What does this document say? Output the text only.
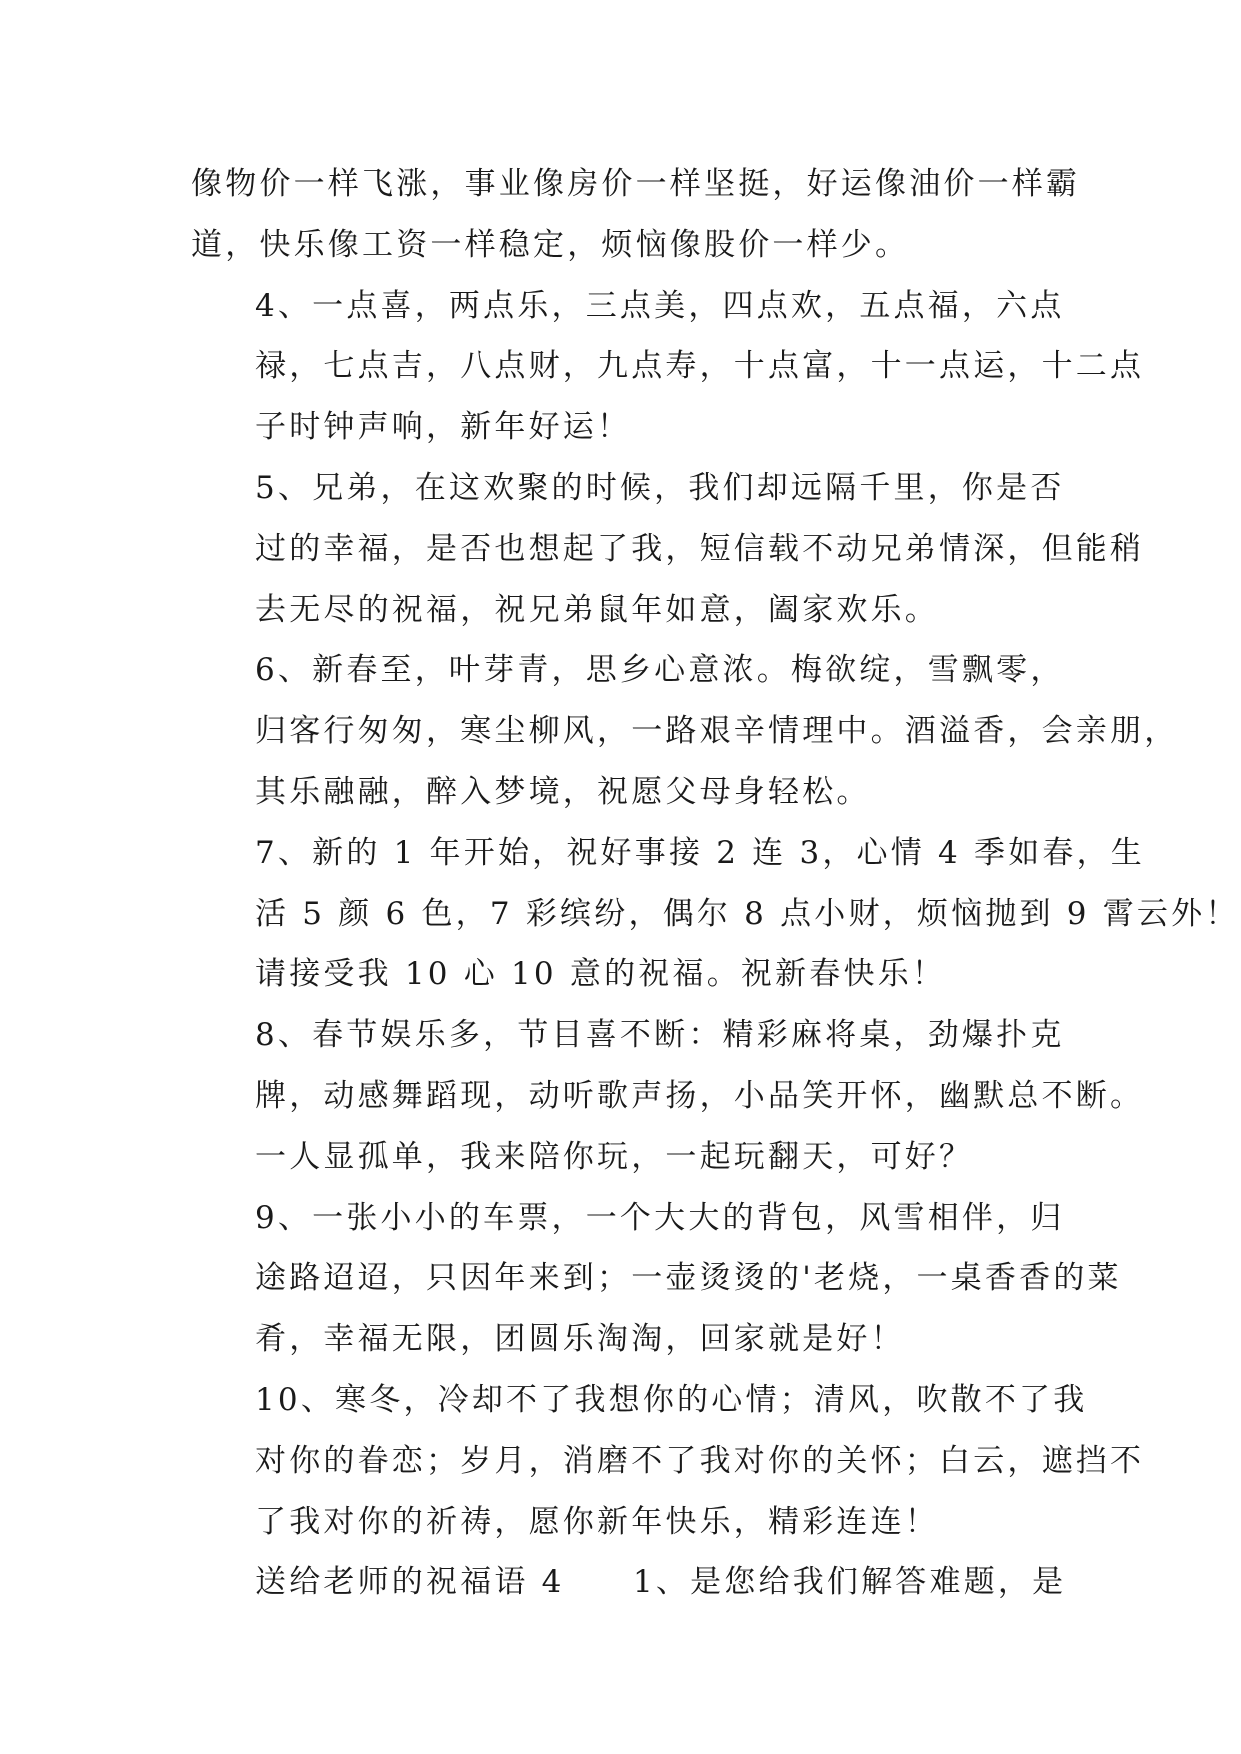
像物价一样飞涨，事业像房价一样坚挺，好运像油价一样霸
道，快乐像工资一样稳定，烦恼像股价一样少。

4、一点喜，两点乐，三点美，四点欢，五点福，六点
禄，七点吉，八点财，九点寿，十点富，十一点运，十二点
子时钟声响，新年好运！

5、兄弟，在这欢聚的时候，我们却远隔千里，你是否
过的幸福，是否也想起了我，短信载不动兄弟情深，但能稍
去无尽的祝福，祝兄弟鼠年如意，阖家欢乐。

6、新春至，叶芽青，思乡心意浓。梅欲绽，雪飘零，
归客行匆匆，寒尘柳风，一路艰辛情理中。酒溢香，会亲朋，
其乐融融，醉入梦境，祝愿父母身轻松。

7、新的 1 年开始，祝好事接 2 连 3，心情 4 季如春，生
活 5 颜 6 色，7 彩缤纷，偶尔 8 点小财，烦恼抛到 9 霄云外！
请接受我 10 心 10 意的祝福。祝新春快乐！

8、春节娱乐多，节目喜不断：精彩麻将桌，劲爆扑克
牌，动感舞蹈现，动听歌声扬，小品笑开怀，幽默总不断。
一人显孤单，我来陪你玩，一起玩翻天，可好？

9、一张小小的车票，一个大大的背包，风雪相伴，归
途路迢迢，只因年来到；一壶烫烫的'老烧，一桌香香的菜
肴，幸福无限，团圆乐淘淘，回家就是好！

10、寒冬，冷却不了我想你的心情；清风，吹散不了我
对你的眷恋；岁月，消磨不了我对你的关怀；白云，遮挡不
了我对你的祈祷，愿你新年快乐，精彩连连！

送给老师的祝福语 4　　1、是您给我们解答难题，是
